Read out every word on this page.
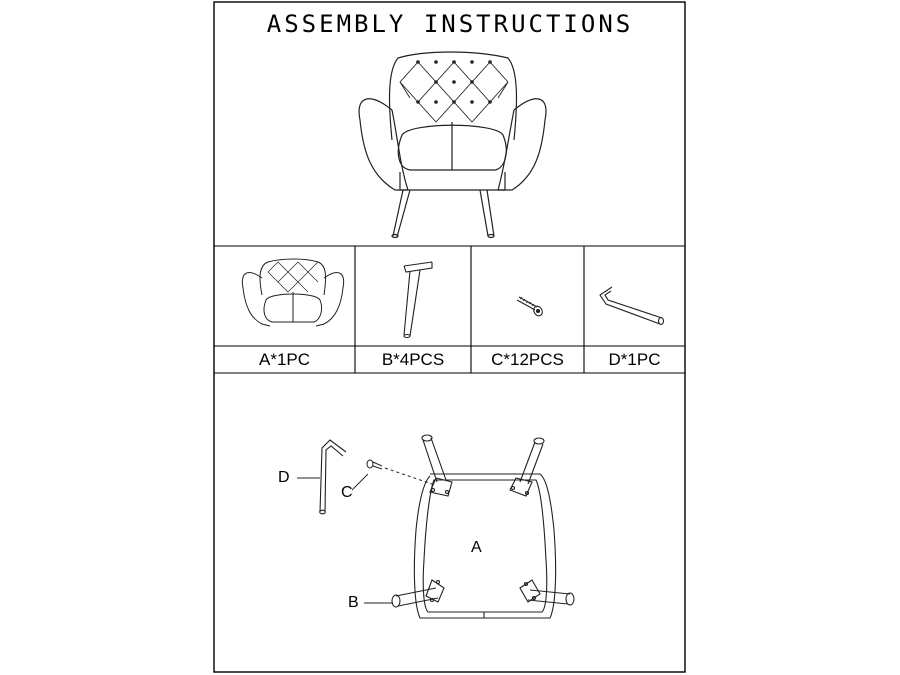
ASSEMBLY INSTRUCTIONS
A*1PC	B*4PCS	C*12PCS	D*1PC
D
C
A
B
